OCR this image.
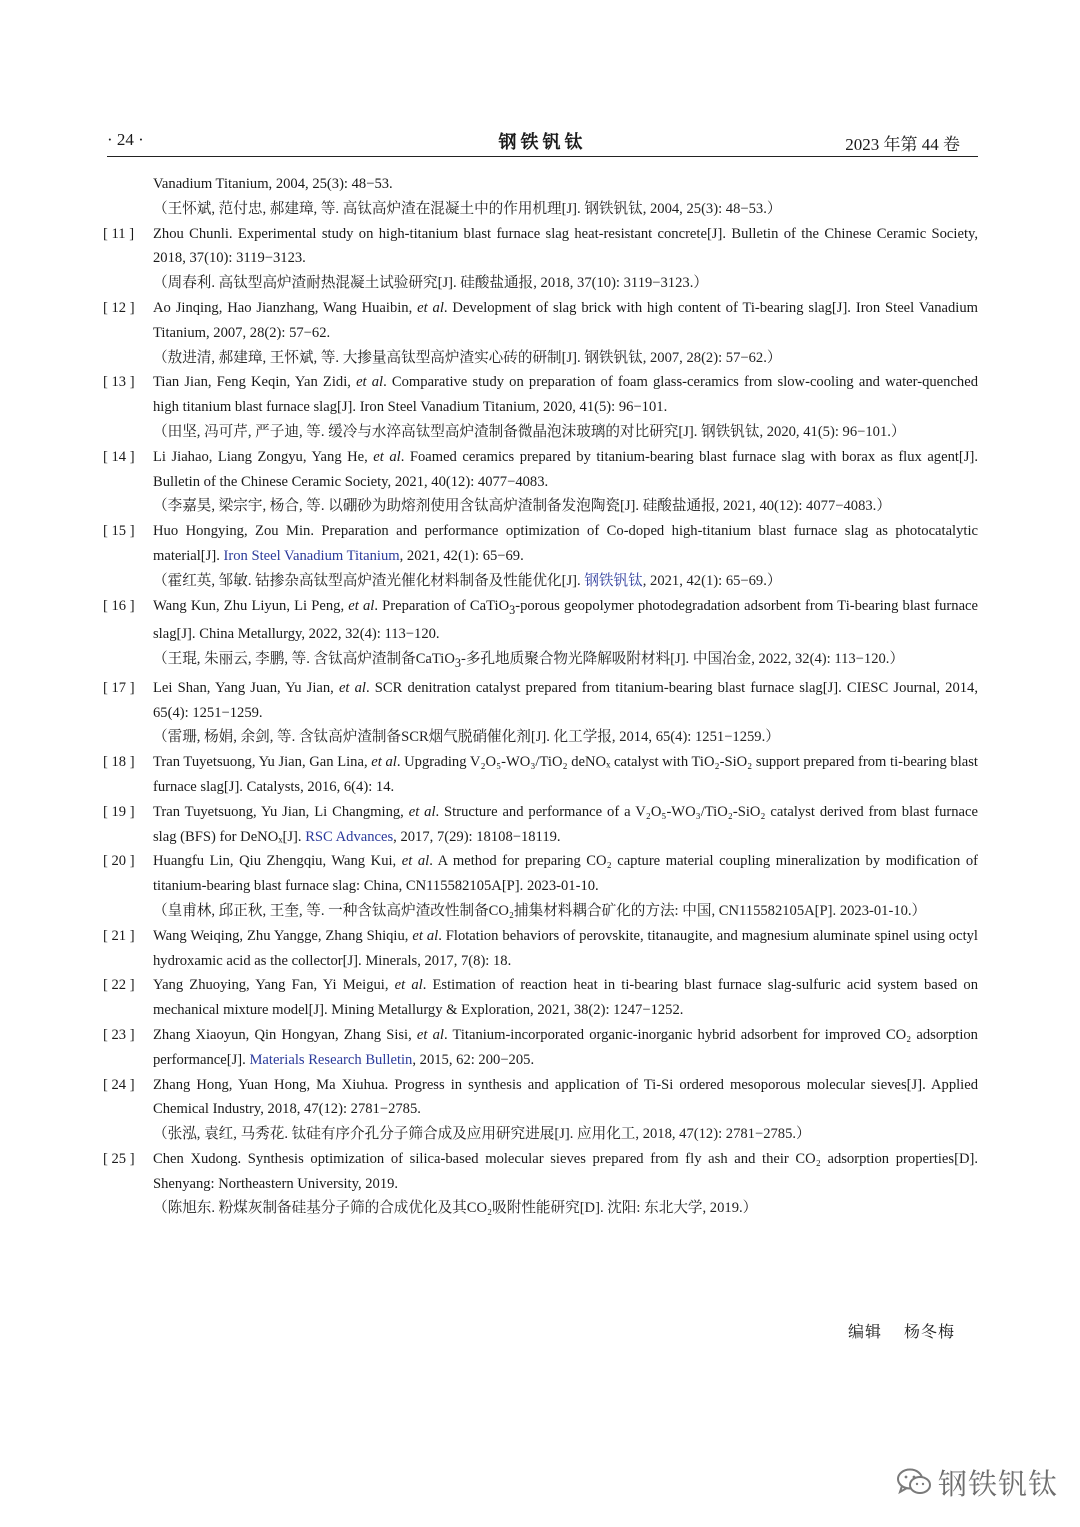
· 24 ·	钢铁钒钛	2023 年第 44 卷
Vanadium Titanium, 2004, 25(3): 48−53.
（王怀斌, 范付忠, 郝建璋, 等. 高钛高炉渣在混凝土中的作用机理[J]. 钢铁钒钛, 2004, 25(3): 48−53.）
[ 11 ]	Zhou Chunli. Experimental study on high-titanium blast furnace slag heat-resistant concrete[J]. Bulletin of the Chinese Ceramic Society, 2018, 37(10): 3119−3123.
（周春利. 高钛型高炉渣耐热混凝土试验研究[J]. 硅酸盐通报, 2018, 37(10): 3119−3123.）
[ 12 ]	Ao Jinqing, Hao Jianzhang, Wang Huaibin, et al. Development of slag brick with high content of Ti-bearing slag[J]. Iron Steel Vanadium Titanium, 2007, 28(2): 57−62.
（敖进清, 郝建璋, 王怀斌, 等. 大掺量高钛型高炉渣实心砖的研制[J]. 钢铁钒钛, 2007, 28(2): 57−62.）
[ 13 ]	Tian Jian, Feng Keqin, Yan Zidi, et al. Comparative study on preparation of foam glass-ceramics from slow-cooling and water-quenched high titanium blast furnace slag[J]. Iron Steel Vanadium Titanium, 2020, 41(5): 96−101.
（田坚, 冯可芹, 严子迪, 等. 缓冷与水淬高钛型高炉渣制备微晶泡沫玻璃的对比研究[J]. 钢铁钒钛, 2020, 41(5): 96−101.）
[ 14 ]	Li Jiahao, Liang Zongyu, Yang He, et al. Foamed ceramics prepared by titanium-bearing blast furnace slag with borax as flux agent[J]. Bulletin of the Chinese Ceramic Society, 2021, 40(12): 4077−4083.
（李嘉昊, 梁宗宇, 杨合, 等. 以硼砂为助熔剂使用含钛高炉渣制备发泡陶瓷[J]. 硅酸盐通报, 2021, 40(12): 4077−4083.）
[ 15 ]	Huo Hongying, Zou Min. Preparation and performance optimization of Co-doped high-titanium blast furnace slag as photocatalytic material[J]. Iron Steel Vanadium Titanium, 2021, 42(1): 65−69.
（霍红英, 邹敏. 钴掺杂高钛型高炉渣光催化材料制备及性能优化[J]. 钢铁钒钛, 2021, 42(1): 65−69.）
[ 16 ]	Wang Kun, Zhu Liyun, Li Peng, et al. Preparation of CaTiO$_3$-porous geopolymer photodegradation adsorbent from Ti-bearing blast furnace slag[J]. China Metallurgy, 2022, 32(4): 113−120.
（王琨, 朱丽云, 李鹏, 等. 含钛高炉渣制备CaTiO$_3$-多孔地质聚合物光降解吸附材料[J]. 中国冶金, 2022, 32(4): 113−120.）
[ 17 ]	Lei Shan, Yang Juan, Yu Jian, et al. SCR denitration catalyst prepared from titanium-bearing blast furnace slag[J]. CIESC Journal, 2014, 65(4): 1251−1259.
（雷珊, 杨娟, 余剑, 等. 含钛高炉渣制备SCR烟气脱硝催化剂[J]. 化工学报, 2014, 65(4): 1251−1259.）
[ 18 ]	Tran Tuyetsuong, Yu Jian, Gan Lina, et al. Upgrading V₂O₅-WO₃/TiO₂ deNOₓ catalyst with TiO₂-SiO₂ support prepared from ti-bearing blast furnace slag[J]. Catalysts, 2016, 6(4): 14.
[ 19 ]	Tran Tuyetsuong, Yu Jian, Li Changming, et al. Structure and performance of a V₂O₅-WO₃/TiO₂-SiO₂ catalyst derived from blast furnace slag (BFS) for DeNOₓ[J]. RSC Advances, 2017, 7(29): 18108−18119.
[ 20 ]	Huangfu Lin, Qiu Zhengqiu, Wang Kui, et al. A method for preparing CO₂ capture material coupling mineralization by modification of titanium-bearing blast furnace slag: China, CN115582105A[P]. 2023-01-10.
（皇甫林, 邱正秋, 王奎, 等. 一种含钛高炉渣改性制备CO₂捕集材料耦合矿化的方法: 中国, CN115582105A[P]. 2023-01-10.）
[ 21 ]	Wang Weiqing, Zhu Yangge, Zhang Shiqiu, et al. Flotation behaviors of perovskite, titanaugite, and magnesium aluminate spinel using octyl hydroxamic acid as the collector[J]. Minerals, 2017, 7(8): 18.
[ 22 ]	Yang Zhuoying, Yang Fan, Yi Meigui, et al. Estimation of reaction heat in ti-bearing blast furnace slag-sulfuric acid system based on mechanical mixture model[J]. Mining Metallurgy & Exploration, 2021, 38(2): 1247−1252.
[ 23 ]	Zhang Xiaoyun, Qin Hongyan, Zhang Sisi, et al. Titanium-incorporated organic-inorganic hybrid adsorbent for improved CO₂ adsorption performance[J]. Materials Research Bulletin, 2015, 62: 200−205.
[ 24 ]	Zhang Hong, Yuan Hong, Ma Xiuhua. Progress in synthesis and application of Ti-Si ordered mesoporous molecular sieves[J]. Applied Chemical Industry, 2018, 47(12): 2781−2785.
（张泓, 袁红, 马秀花. 钛硅有序介孔分子筛合成及应用研究进展[J]. 应用化工, 2018, 47(12): 2781−2785.）
[ 25 ]	Chen Xudong. Synthesis optimization of silica-based molecular sieves prepared from fly ash and their CO₂ adsorption properties[D]. Shenyang: Northeastern University, 2019.
（陈旭东. 粉煤灰制备硅基分子筛的合成优化及其CO₂吸附性能研究[D]. 沈阳: 东北大学, 2019.）
编辑 杨冬梅
钢铁钒钛
